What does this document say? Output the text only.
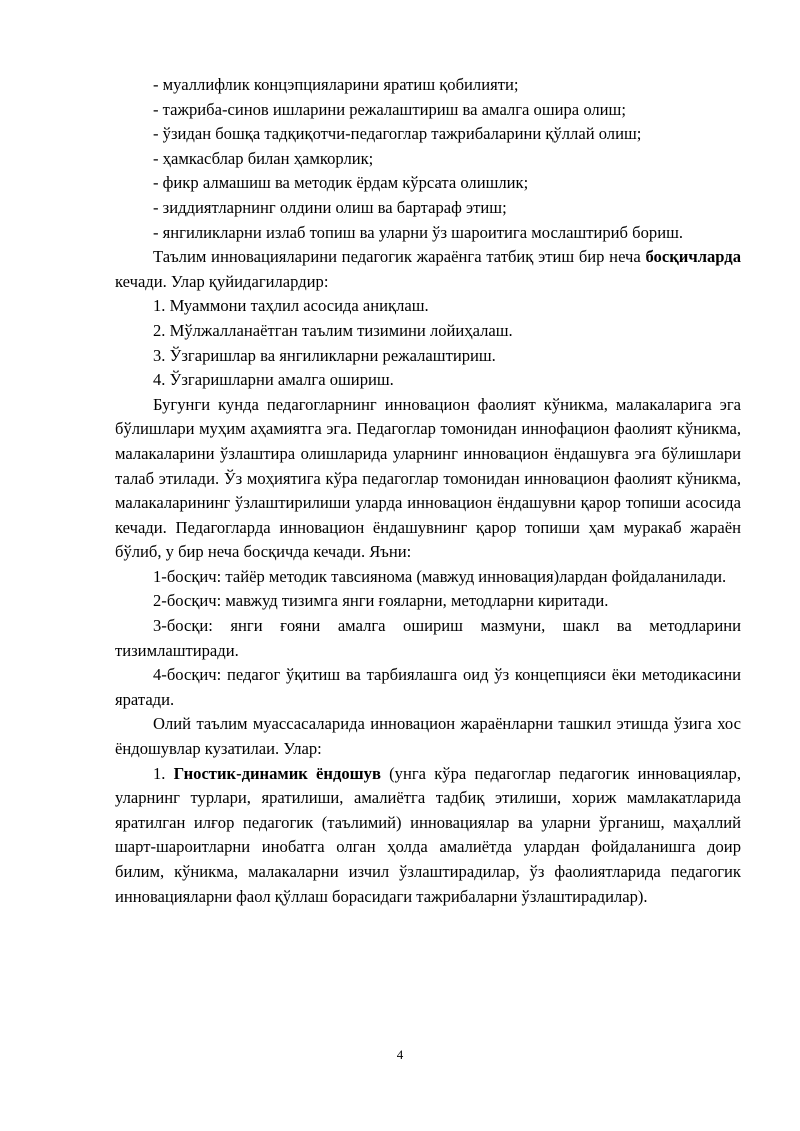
- муаллифлик концэпцияларини яратиш қобилияти;

- тажриба-синов ишларини режалаштириш ва амалга ошира олиш;

- ўзидан бошқа тадқиқотчи-педагоглар тажрибаларини қўллай олиш;

- ҳамкасблар билан ҳамкорлик;

- фикр алмашиш ва методик ёрдам кўрсата олишлик;

- зиддиятларнинг олдини олиш ва бартараф этиш;

- янгиликларни излаб топиш ва уларни ўз шароитига мослаштириб бориш.

Таълим инновацияларини педагогик жараёнга татбиқ этиш бир неча босқичларда кечади. Улар қуйидагилардир:

1. Муаммони таҳлил асосида аниқлаш.

2. Мўлжалланаётган таълим тизимини лойиҳалаш.

3. Ўзгаришлар ва янгиликларни режалаштириш.

4. Ўзгаришларни амалга ошириш.

Бугунги кунда педагогларнинг инновацион фаолият кўникма, малакаларига эга бўлишлари муҳим аҳамиятга эга. Педагоглар томонидан иннофацион фаолият кўникма, малакаларини ўзлаштира олишларида уларнинг инновацион ёндашувга эга бўлишлари талаб этилади. Ўз моҳиятига кўра педагоглар томонидан инновацион фаолият кўникма, малакаларининг ўзлаштирилиши уларда инновацион ёндашувни қарор топиши асосида кечади. Педагогларда инновацион ёндашувнинг қарор топиши ҳам муракаб жараён бўлиб, у бир неча босқичда кечади. Яъни:

1-босқич: тайёр методик тавсиянома (мавжуд инновация)лардан фойдаланилади.

2-босқич: мавжуд тизимга янги ғояларни, методларни киритади.

3-босқи: янги ғояни амалга ошириш мазмуни, шакл ва методларини тизимлаштиради.

4-босқич: педагог ўқитиш ва тарбиялашга оид ўз концепцияси ёки методикасини яратади.

Олий таълим муассасаларида инновацион жараёнларни ташкил этишда ўзига хос ёндошувлар кузатилаи. Улар:

1. Гностик-динамик ёндошув (унга кўра педагоглар педагогик инновациялар, уларнинг турлари, яратилиши, амалиётга тадбиқ этилиши, хориж мамлакатларида яратилган илғор педагогик (таълимий) инновациялар ва уларни ўрганиш, маҳаллий шарт-шароитларни инобатга олган ҳолда амалиётда улардан фойдаланишга доир билим, кўникма, малакаларни изчил ўзлаштирадилар, ўз фаолиятларида педагогик инновацияларни фаол қўллаш борасидаги тажрибаларни ўзлаштирадилар).

4
